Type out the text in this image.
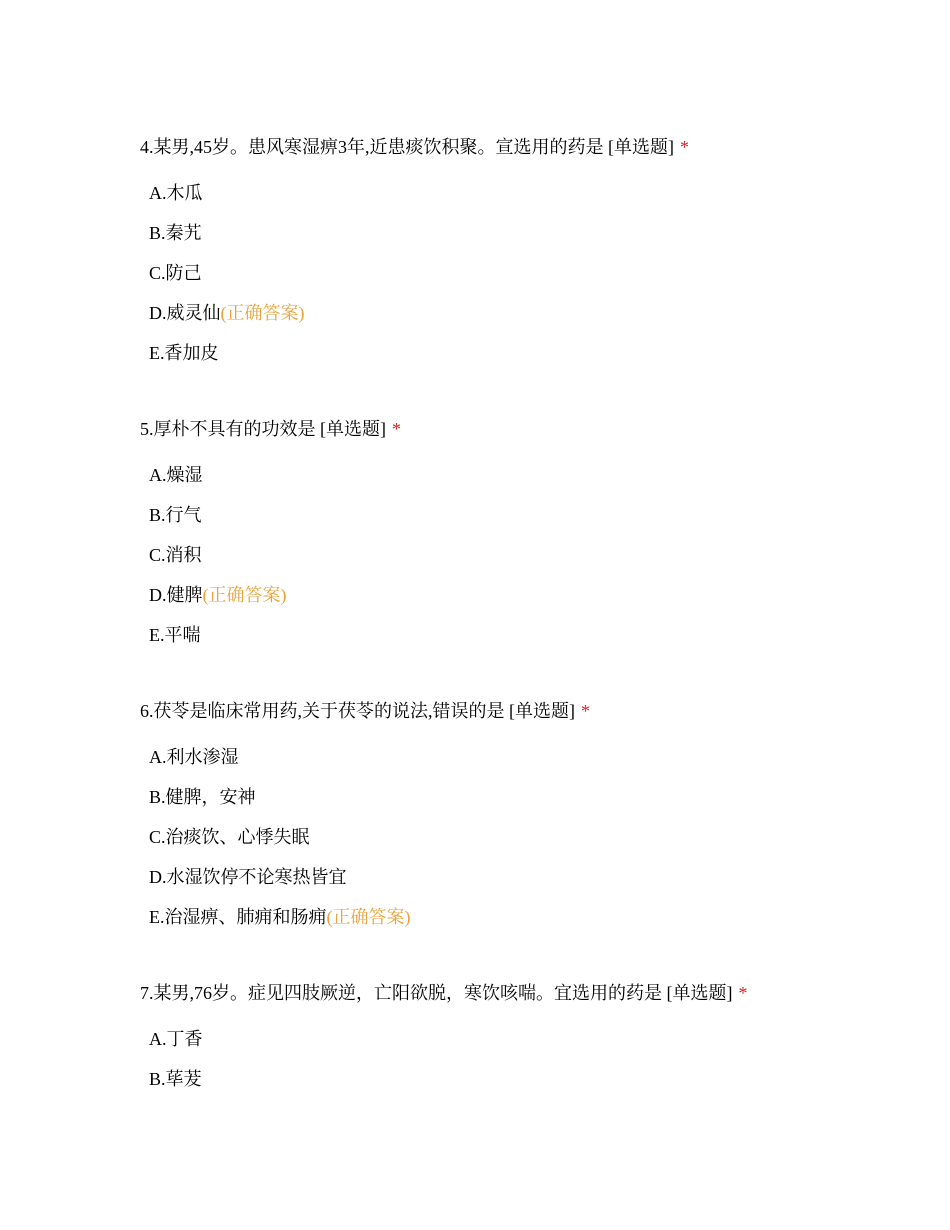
4.某男,45岁。患风寒湿痹3年,近患痰饮积聚。宣选用的药是 [单选题] *
A.木瓜
B.秦艽
C.防己
D.威灵仙(正确答案)
E.香加皮
5.厚朴不具有的功效是 [单选题] *
A.燥湿
B.行气
C.消积
D.健脾(正确答案)
E.平喘
6.茯苓是临床常用药,关于茯苓的说法,错误的是 [单选题] *
A.利水渗湿
B.健脾，安神
C.治痰饮、心悸失眠
D.水湿饮停不论寒热皆宜
E.治湿痹、肺痈和肠痈(正确答案)
7.某男,76岁。症见四肢厥逆，亡阳欲脱，寒饮咳喘。宜选用的药是 [单选题] *
A.丁香
B.荜茇
